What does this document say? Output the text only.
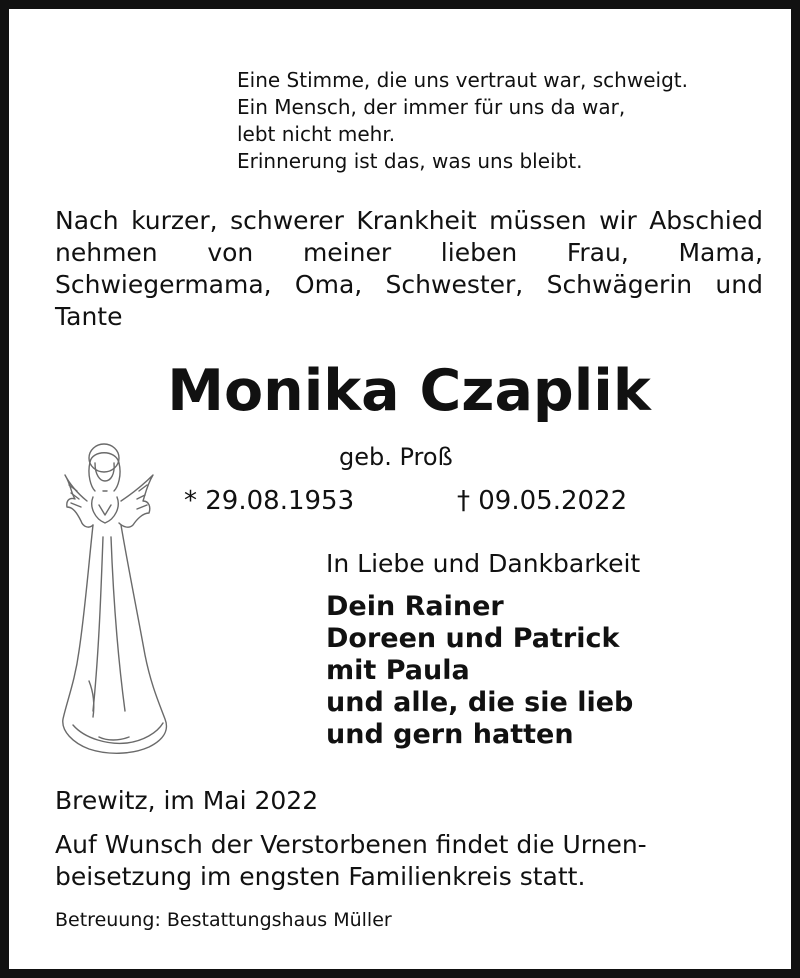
Eine Stimme, die uns vertraut war, schweigt.
Ein Mensch, der immer für uns da war,
lebt nicht mehr.
Erinnerung ist das, was uns bleibt.
Nach kurzer, schwerer Krankheit müssen wir Abschied nehmen von meiner lieben Frau, Mama, Schwiegermama, Oma, Schwester, Schwägerin und Tante
Monika Czaplik
geb. Proß
* 29.08.1953	† 09.05.2022
In Liebe und Dankbarkeit
Dein Rainer
Doreen und Patrick
mit Paula
und alle, die sie lieb
und gern hatten
Brewitz, im Mai 2022
Auf Wunsch der Verstorbenen findet die Urnen-
beisetzung im engsten Familienkreis statt.
Betreuung: Bestattungshaus Müller
